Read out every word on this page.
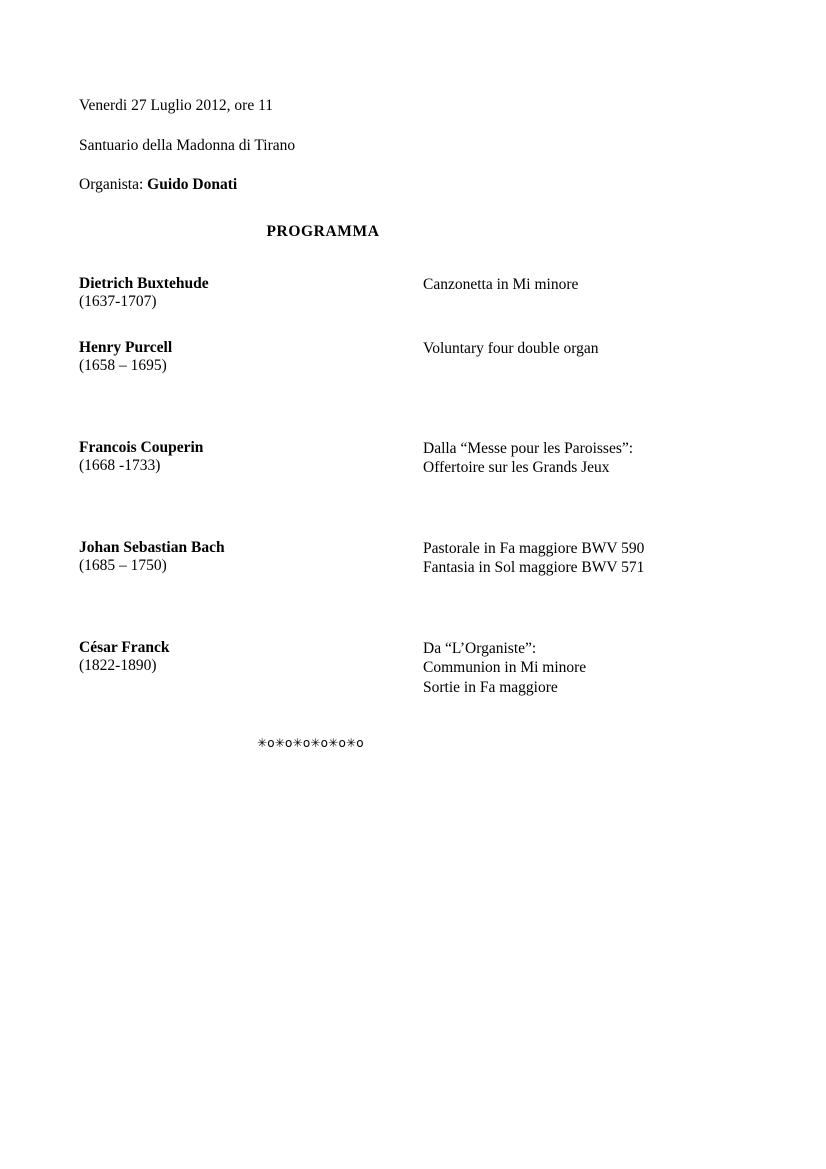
Venerdi 27 Luglio 2012, ore 11
Santuario della Madonna di Tirano
Organista: Guido Donati
PROGRAMMA
Dietrich Buxtehude
(1637-1707)
Canzonetta in Mi minore
Henry Purcell
(1658 – 1695)
Voluntary four double organ
Francois Couperin
(1668 -1733)
Dalla “Messe pour les Paroisses”:
Offertoire sur les Grands Jeux
Johan Sebastian Bach
(1685 – 1750)
Pastorale in Fa maggiore BWV 590
Fantasia in Sol maggiore BWV 571
César Franck
(1822-1890)
Da “L’Organiste”:
Communion in Mi minore
Sortie in Fa maggiore
✳o✳o✳o✳o✳o✳o
